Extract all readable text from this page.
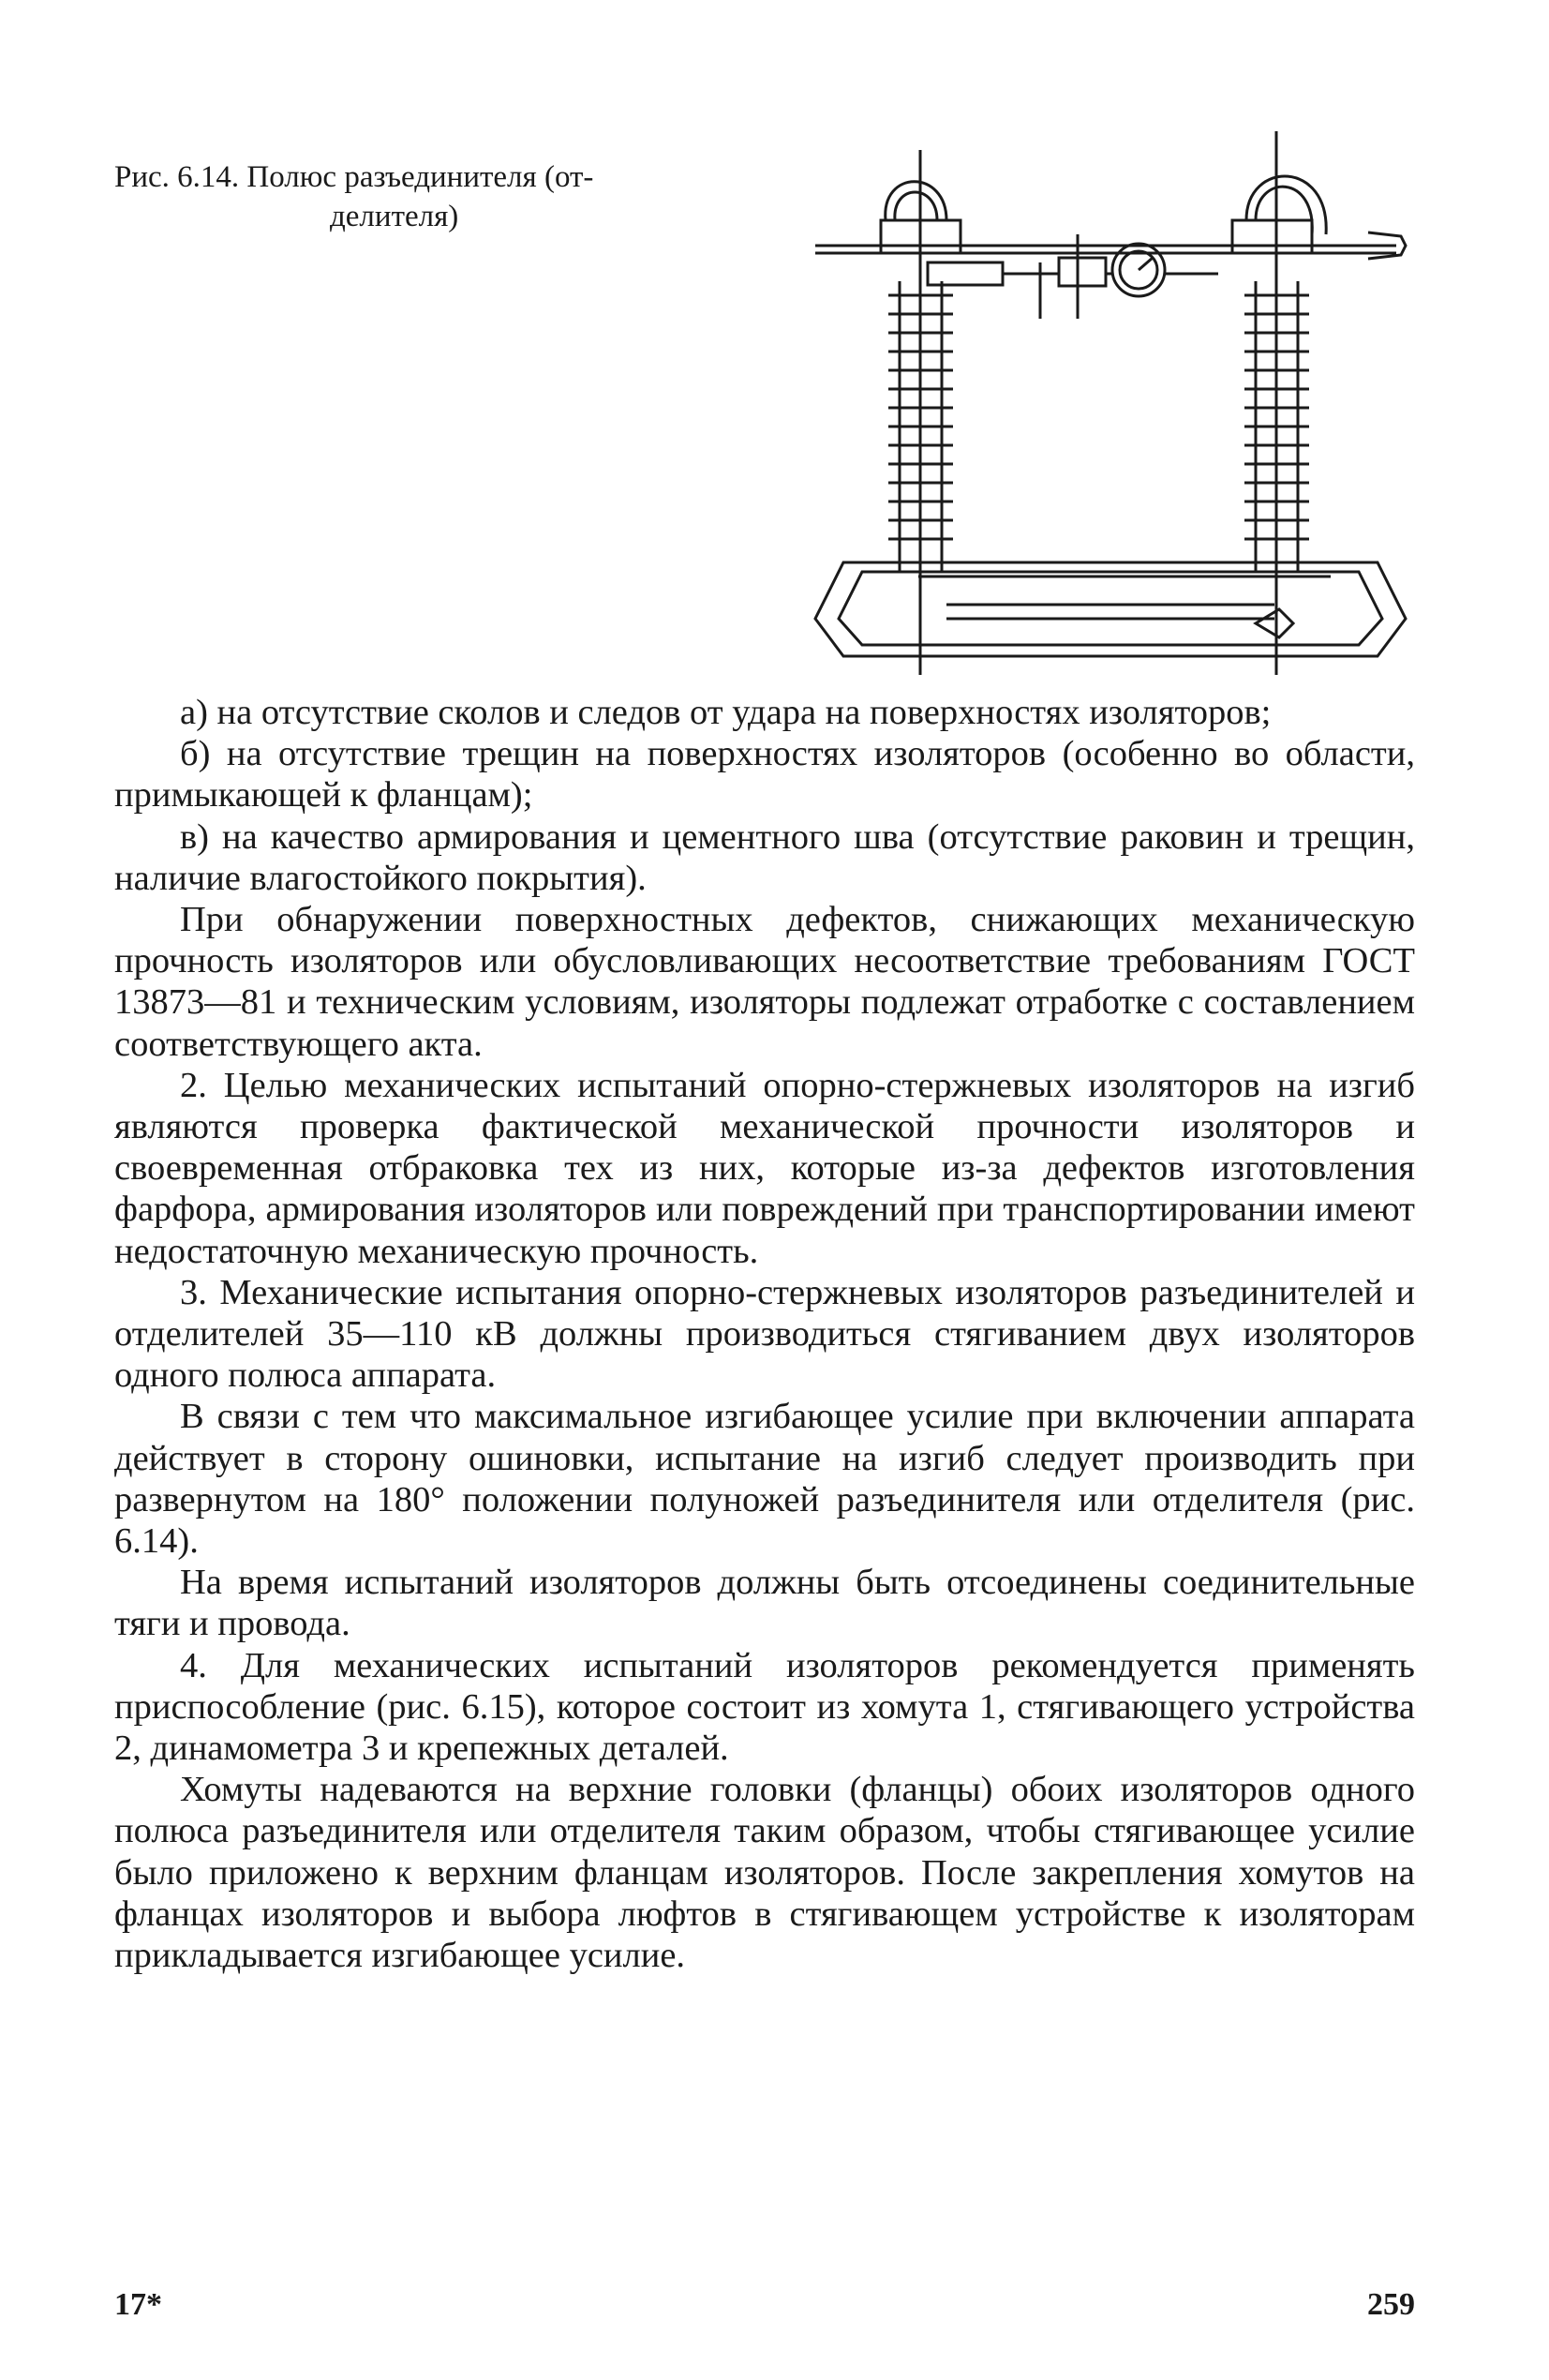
Рис. 6.14. Полюс разъединителя (от-
делителя)

а) на отсутствие сколов и следов от удара на поверхностях изоляторов;

б) на отсутствие трещин на поверхностях изоляторов (особенно во области, примыкающей к фланцам);

в) на качество армирования и цементного шва (отсутствие раковин и трещин, наличие влагостойкого покрытия).

При обнаружении поверхностных дефектов, снижающих механическую прочность изоляторов или обусловливающих несоответствие требованиям ГОСТ 13873—81 и техническим условиям, изоляторы подлежат отработке с составлением соответствующего акта.

2. Целью механических испытаний опорно-стержневых изоляторов на изгиб являются проверка фактической механической прочности изоляторов и своевременная отбраковка тех из них, которые из-за дефектов изготовления фарфора, армирования изоляторов или повреждений при транспортировании имеют недостаточную механическую прочность.

3. Механические испытания опорно-стержневых изоляторов разъединителей и отделителей 35—110 кВ должны производиться стягиванием двух изоляторов одного полюса аппарата.

В связи с тем что максимальное изгибающее усилие при включении аппарата действует в сторону ошиновки, испытание на изгиб следует производить при развернутом на 180° положении полуножей разъединителя или отделителя (рис. 6.14).

На время испытаний изоляторов должны быть отсоединены соединительные тяги и провода.

4. Для механических испытаний изоляторов рекомендуется применять приспособление (рис. 6.15), которое состоит из хомута 1, стягивающего устройства 2, динамометра 3 и крепежных деталей.

Хомуты надеваются на верхние головки (фланцы) обоих изоляторов одного полюса разъединителя или отделителя таким образом, чтобы стягивающее усилие было приложено к верхним фланцам изоляторов. После закрепления хомутов на фланцах изоляторов и выбора люфтов в стягивающем устройстве к изоляторам прикладывается изгибающее усилие.

17*	259
